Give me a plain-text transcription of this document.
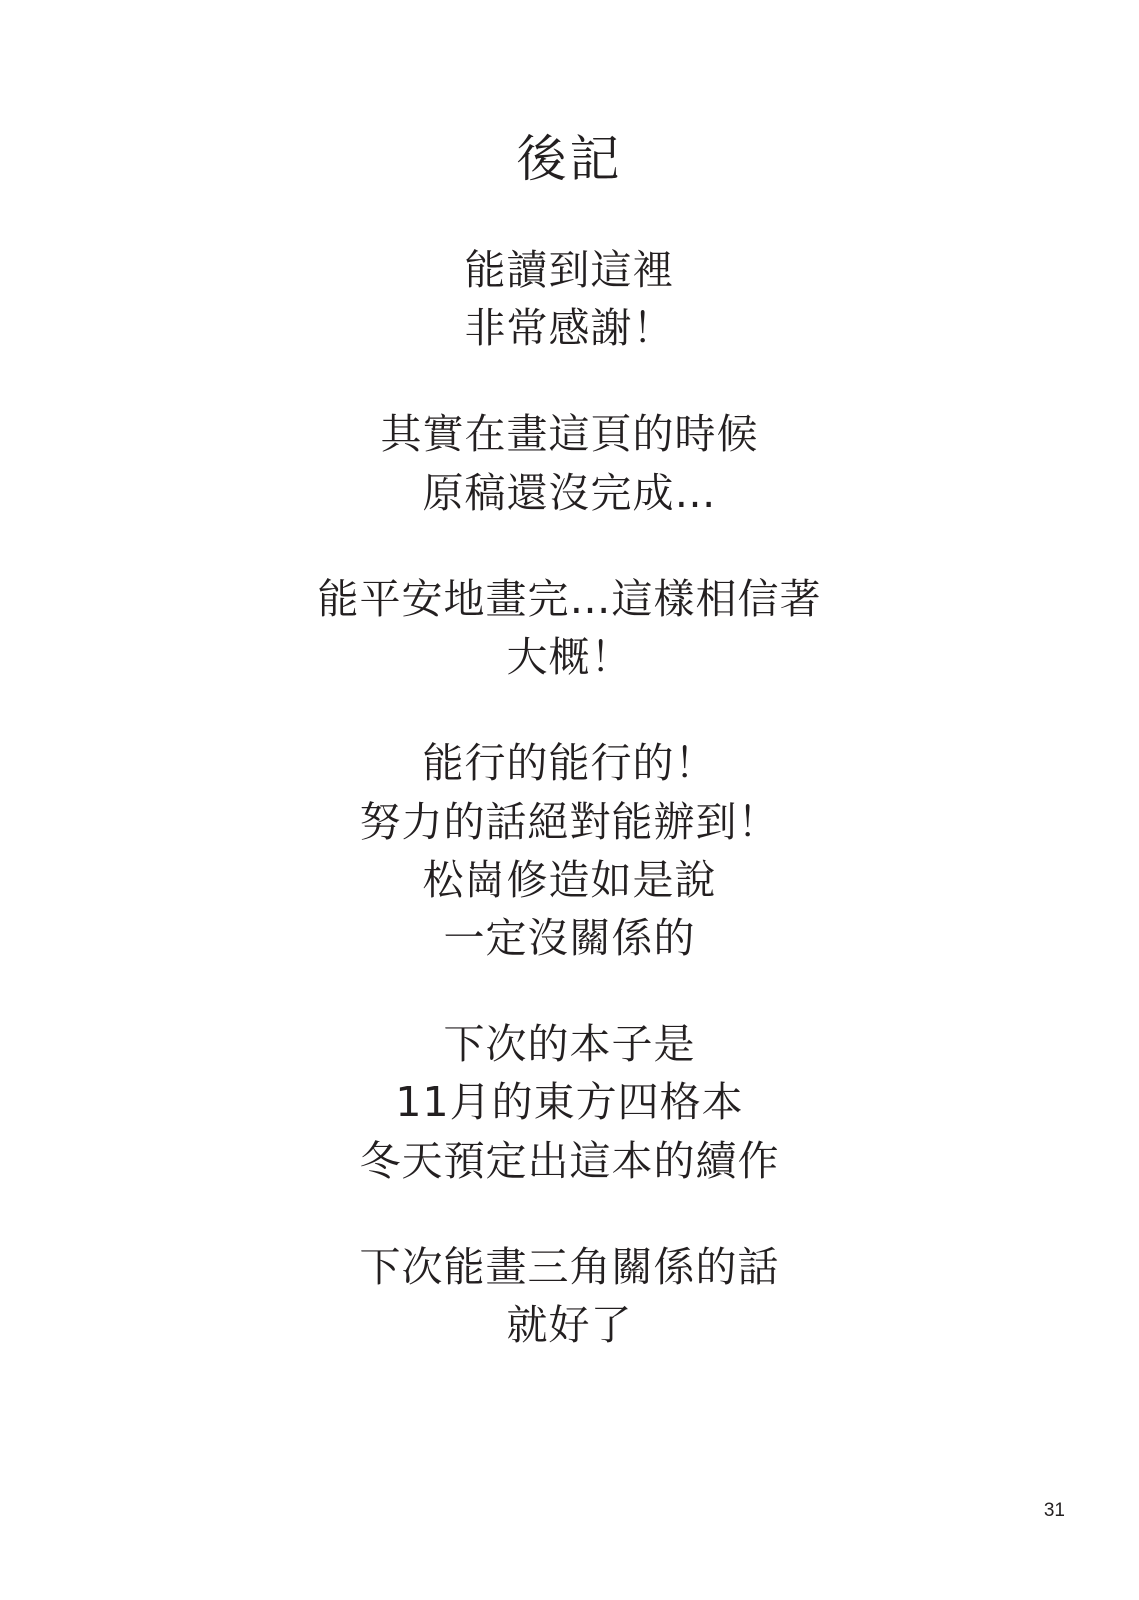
後記
能讀到這裡
非常感謝！
其實在畫這頁的時候
原稿還沒完成…
能平安地畫完…這樣相信著
大概！
能行的能行的！
努力的話絕對能辦到！
松崗修造如是說
一定沒關係的
下次的本子是
11月的東方四格本
冬天預定出這本的續作
下次能畫三角關係的話
就好了
31
